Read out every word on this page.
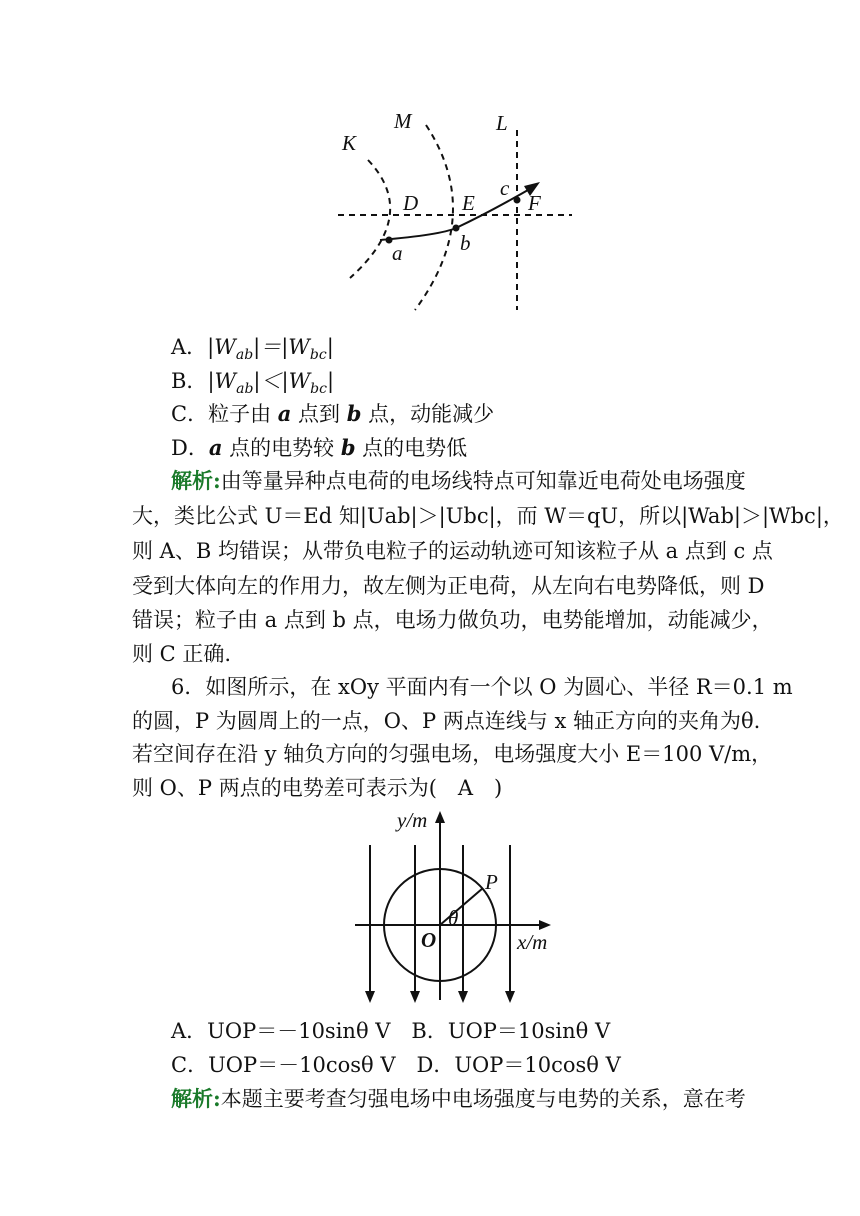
K
M	L
D E
c
F
a	b
A．$|W_{ab}|=|W_{bc}|$
B．$|W_{ab}|<|W_{bc}|$
C．粒子由 a 点到 b 点，动能减少
D．a 点的电势较 b 点的电势低
解析:由等量异种点电荷的电场线特点可知靠近电荷处电场强度
大，类比公式 U＝Ed 知|Uab|＞|Ubc|，而 W＝qU，所以|Wab|＞|Wbc|，
则 A、B 均错误；从带负电粒子的运动轨迹可知该粒子从 a 点到 c 点
受到大体向左的作用力，故左侧为正电荷，从左向右电势降低，则 D
错误；粒子由 a 点到 b 点，电场力做负功，电势能增加，动能减少，
则 C 正确.
6．如图所示，在 xOy 平面内有一个以 O 为圆心、半径 R＝0.1 m
的圆，P 为圆周上的一点，O、P 两点连线与 x 轴正方向的夹角为θ.
若空间存在沿 y 轴负方向的匀强电场，电场强度大小 E＝100 V/m，
则 O、P 两点的电势差可表示为(　A　)
y/m
x/m
O
P
θ
A．UOP＝－10sinθ V　B．UOP＝10sinθ V
C．UOP＝－10cosθ V　D．UOP＝10cosθ V
解析:本题主要考查匀强电场中电场强度与电势的关系，意在考
